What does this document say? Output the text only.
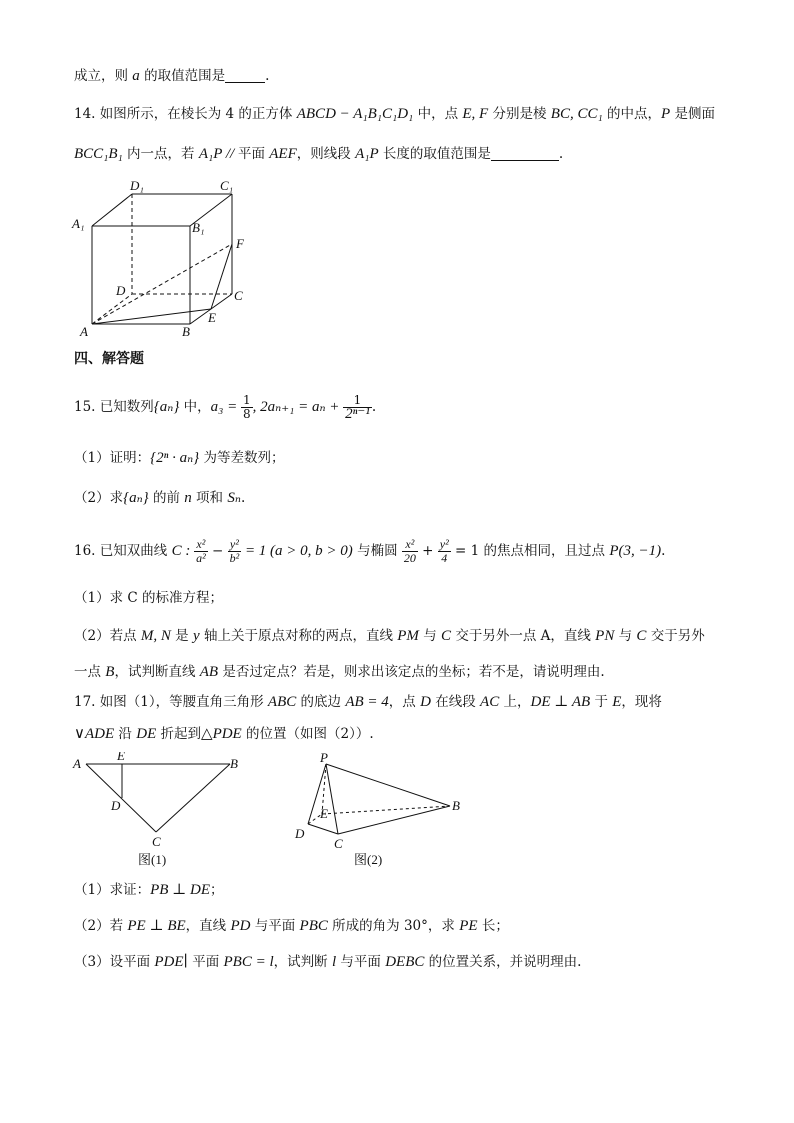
成立，则 a 的取值范围是	.
14. 如图所示，在棱长为 4 的正方体 ABCD − A₁B₁C₁D₁ 中，点 E, F 分别是棱 BC, CC₁ 的中点，P 是侧面
BCC₁B₁ 内一点，若 A₁P // 平面 AEF，则线段 A₁P 长度的取值范围是	.
A₁
D₁	C₁
B₁
F
D	C
A	B
E
四、解答题
15. 已知数列{aₙ} 中，$a_3 = \frac{1}{8}$ , $2a_{n+1} = a_n + \frac{1}{\text{2ⁿ⁻¹}}$ .
（1）证明：{2ⁿ · aₙ} 为等差数列；
（2）求{aₙ} 的前 n 项和 Sₙ.
16. 已知双曲线 C : $\frac{\text{x²}}{\text{a²}} - \frac{\text{y²}}{\text{b²}} = 1$ (a > 0, b > 0) 与椭圆 $\frac{\text{x²}}{20} + \frac{\text{y²}}{4} = 1$ 的焦点相同，且过点 P(3, −1).
（1）求 C 的标准方程；
（2）若点 M, N 是 y 轴上关于原点对称的两点，直线 PM 与 C 交于另外一点 A，直线 PN 与 C 交于另外
一点 B，试判断直线 AB 是否过定点？若是，则求出该定点的坐标；若不是，请说明理由.
17. 如图（1），等腰直角三角形 ABC 的底边 AB = 4，点 D 在线段 AC 上，DE ⊥ AB 于 E，现将
∨ADE 沿 DE 折起到△PDE 的位置（如图（2））.
A
E
B
D
C
图(1)
P
B
E
D
C
图(2)
（1）求证：PB ⊥ DE；
（2）若 PE ⊥ BE，直线 PD 与平面 PBC 所成的角为 30°，求 PE 长；
（3）设平面 PDE∣ 平面 PBC = l，试判断 l 与平面 DEBC 的位置关系，并说明理由.
